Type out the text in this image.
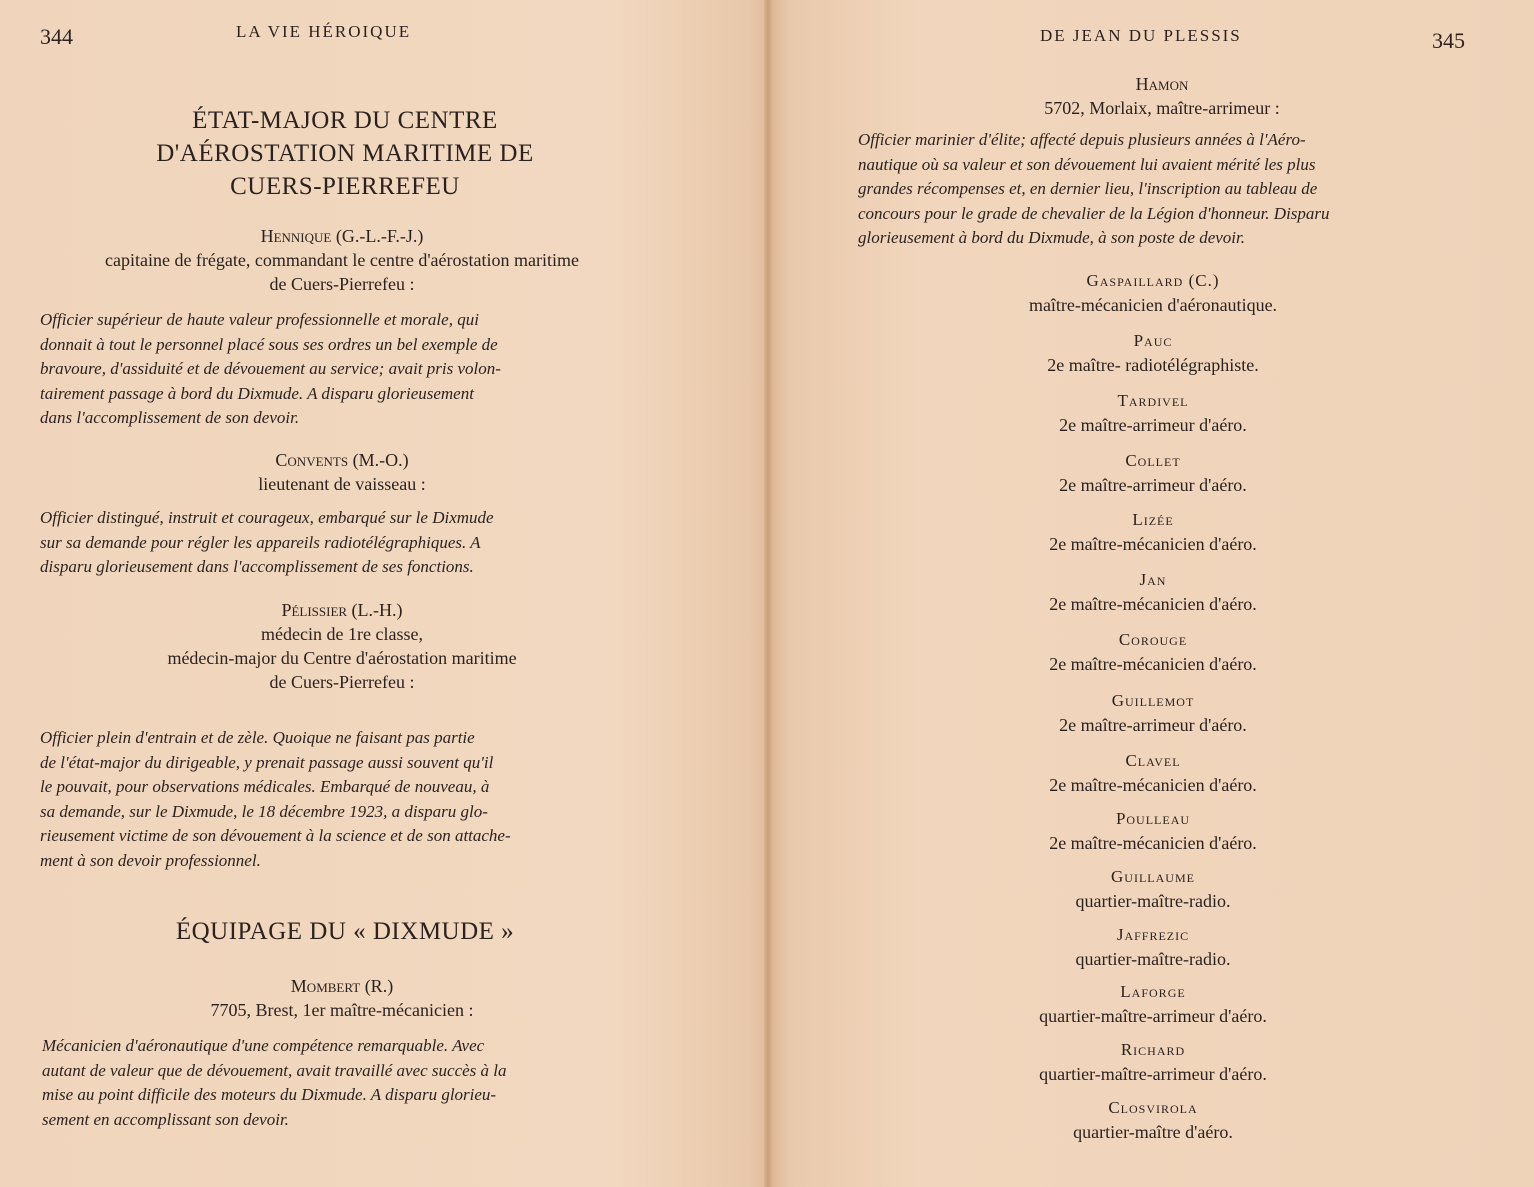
344	LA VIE HÉROIQUE
ÉTAT-MAJOR DU CENTRE
D'AÉROSTATION MARITIME DE
CUERS-PIERREFEU
Hennique (G.-L.-F.-J.)
capitaine de frégate, commandant le centre d'aérostation maritime
de Cuers-Pierrefeu :
Officier supérieur de haute valeur professionnelle et morale, qui
donnait à tout le personnel placé sous ses ordres un bel exemple de
bravoure, d'assiduité et de dévouement au service; avait pris volon-
tairement passage à bord du Dixmude. A disparu glorieusement
dans l'accomplissement de son devoir.
Convents (M.-O.)
lieutenant de vaisseau :
Officier distingué, instruit et courageux, embarqué sur le Dixmude
sur sa demande pour régler les appareils radiotélégraphiques. A
disparu glorieusement dans l'accomplissement de ses fonctions.
Pélissier (L.-H.)
médecin de 1re classe,
médecin-major du Centre d'aérostation maritime
de Cuers-Pierrefeu :
Officier plein d'entrain et de zèle. Quoique ne faisant pas partie
de l'état-major du dirigeable, y prenait passage aussi souvent qu'il
le pouvait, pour observations médicales. Embarqué de nouveau, à
sa demande, sur le Dixmude, le 18 décembre 1923, a disparu glo-
rieusement victime de son dévouement à la science et de son attache-
ment à son devoir professionnel.
ÉQUIPAGE DU « DIXMUDE »
Mombert (R.)
7705, Brest, 1er maître-mécanicien :
Mécanicien d'aéronautique d'une compétence remarquable. Avec
autant de valeur que de dévouement, avait travaillé avec succès à la
mise au point difficile des moteurs du Dixmude. A disparu glorieu-
sement en accomplissant son devoir.
DE JEAN DU PLESSIS	345
Hamon
5702, Morlaix, maître-arrimeur :
Officier marinier d'élite; affecté depuis plusieurs années à l'Aéro-
nautique où sa valeur et son dévouement lui avaient mérité les plus
grandes récompenses et, en dernier lieu, l'inscription au tableau de
concours pour le grade de chevalier de la Légion d'honneur. Disparu
glorieusement à bord du Dixmude, à son poste de devoir.
Gaspaillard (C.)
maître-mécanicien d'aéronautique.
Pauc
2e maître- radiotélégraphiste.
Tardivel
2e maître-arrimeur d'aéro.
Collet
2e maître-arrimeur d'aéro.
Lizée
2e maître-mécanicien d'aéro.
Jan
2e maître-mécanicien d'aéro.
Corouge
2e maître-mécanicien d'aéro.
Guillemot
2e maître-arrimeur d'aéro.
Clavel
2e maître-mécanicien d'aéro.
Poulleau
2e maître-mécanicien d'aéro.
Guillaume
quartier-maître-radio.
Jaffrezic
quartier-maître-radio.
Laforge
quartier-maître-arrimeur d'aéro.
Richard
quartier-maître-arrimeur d'aéro.
Closvirola
quartier-maître d'aéro.
